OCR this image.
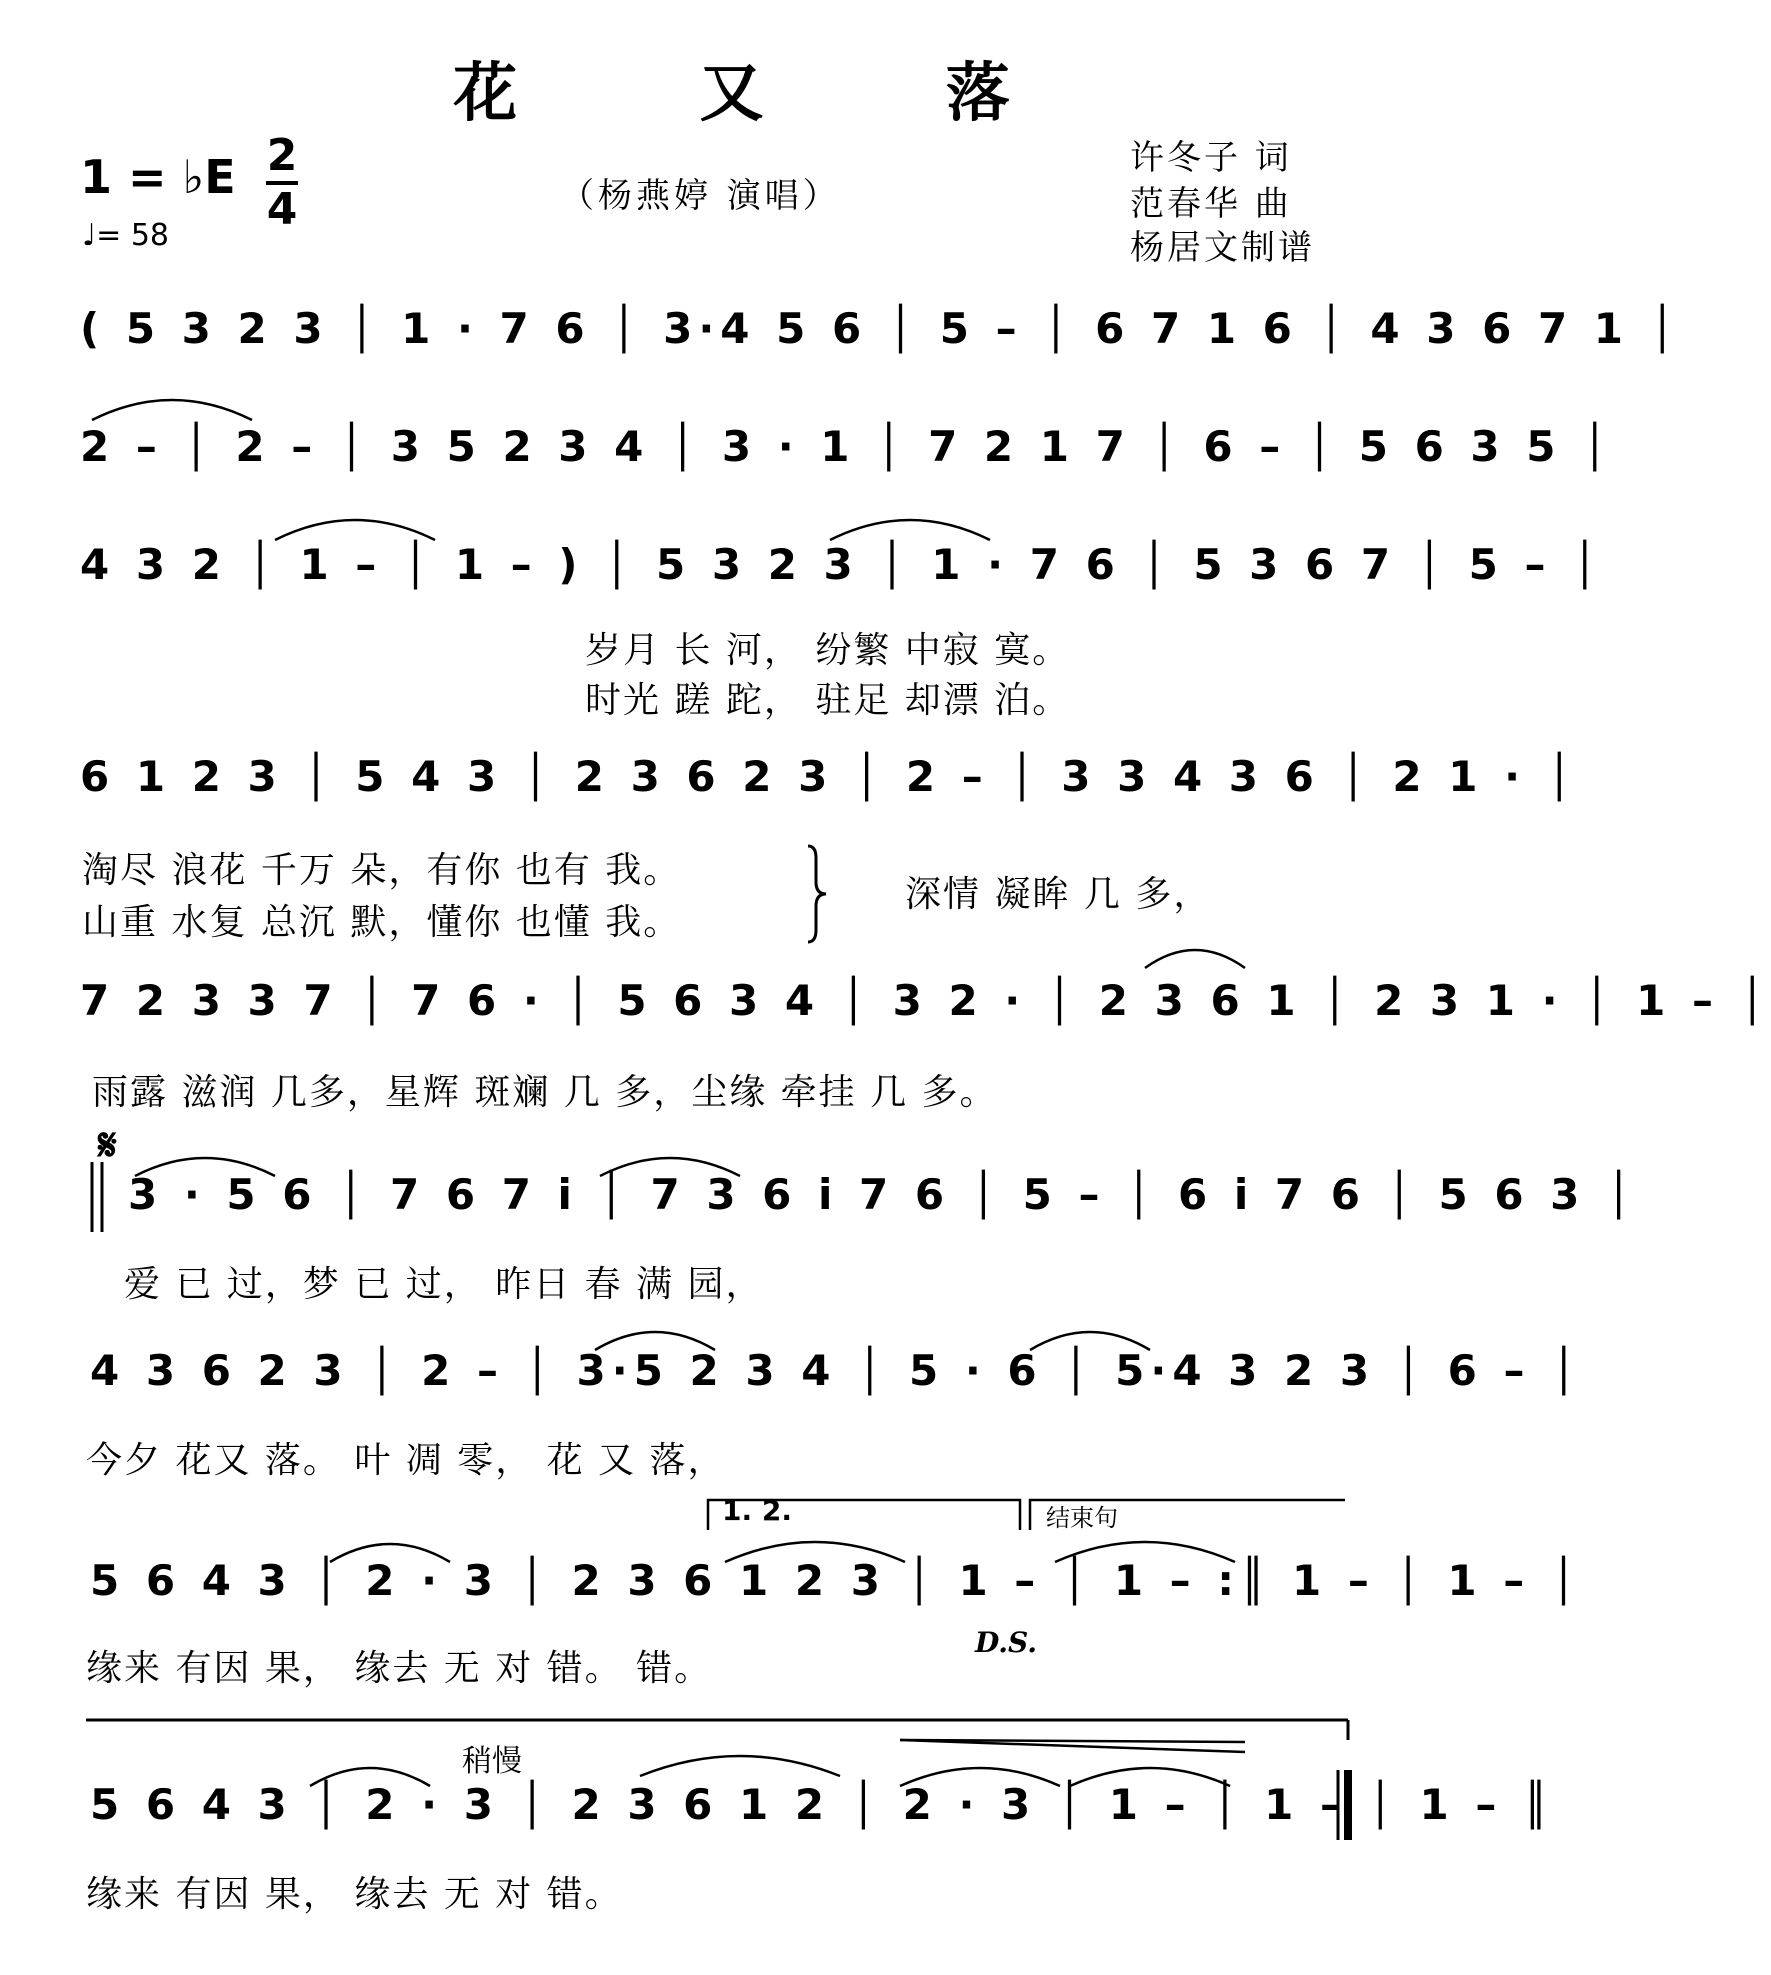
花 又 落
（杨燕婷 演唱）
许冬子 词
范春华 曲
杨居文制谱
1 = ♭E 2
4
♩= 58
( 5 3 2 3 │ 1 · 7 6 │ 3·4 5 6 │ 5 – │ 6 7 1 6 │ 4 3 6 7 1 │
2 – │ 2 – │ 3 5 2 3 4 │ 3 · 1 │ 7 2 1 7 │ 6 – │ 5 6 3 5 │
4 3 2 │ 1 – │ 1 – ) │ 5 3 2 3 │ 1 · 7 6 │ 5 3 6 7 │ 5 – │
岁月 长 河， 纷繁 中寂 寞。
时光 蹉 跎， 驻足 却漂 泊。
6 1 2 3 │ 5 4 3 │ 2 3 6 2 3 │ 2 – │ 3 3 4 3 6 │ 2 1 · │
淘尽 浪花 千万 朵，有你 也有 我。
山重 水复 总沉 默，懂你 也懂 我。
深情 凝眸 几 多，
7 2 3 3 7 │ 7 6 · │ 5 6 3 4 │ 3 2 · │ 2 3 6 1 │ 2 3 1 · │ 1 – │
雨露 滋润 几多，星辉 斑斓 几 多，尘缘 牵挂 几 多。
𝄋
3 · 5 6 │ 7 6 7 i │ 7 3 6 i 7 6 │ 5 – │ 6 i 7 6 │ 5 6 3 │
爱 已 过，梦 已 过， 昨日 春 满 园，
4 3 6 2 3 │ 2 – │ 3·5 2 3 4 │ 5 · 6 │ 5·4 3 2 3 │ 6 – │
今夕 花又 落。 叶 凋 零， 花 又 落，
1. 2.	结束句
5 6 4 3 │ 2 · 3 │ 2 3 6 1 2 3 │ 1 – │ 1 – :║ 1 – │ 1 – │
缘来 有因 果， 缘去 无 对 错。 错。
D.S.
稍慢
5 6 4 3 │ 2 · 3 │ 2 3 6 1 2 │ 2 · 3 │ 1 – │ 1 – │ 1 – ║
缘来 有因 果， 缘去 无 对 错。
